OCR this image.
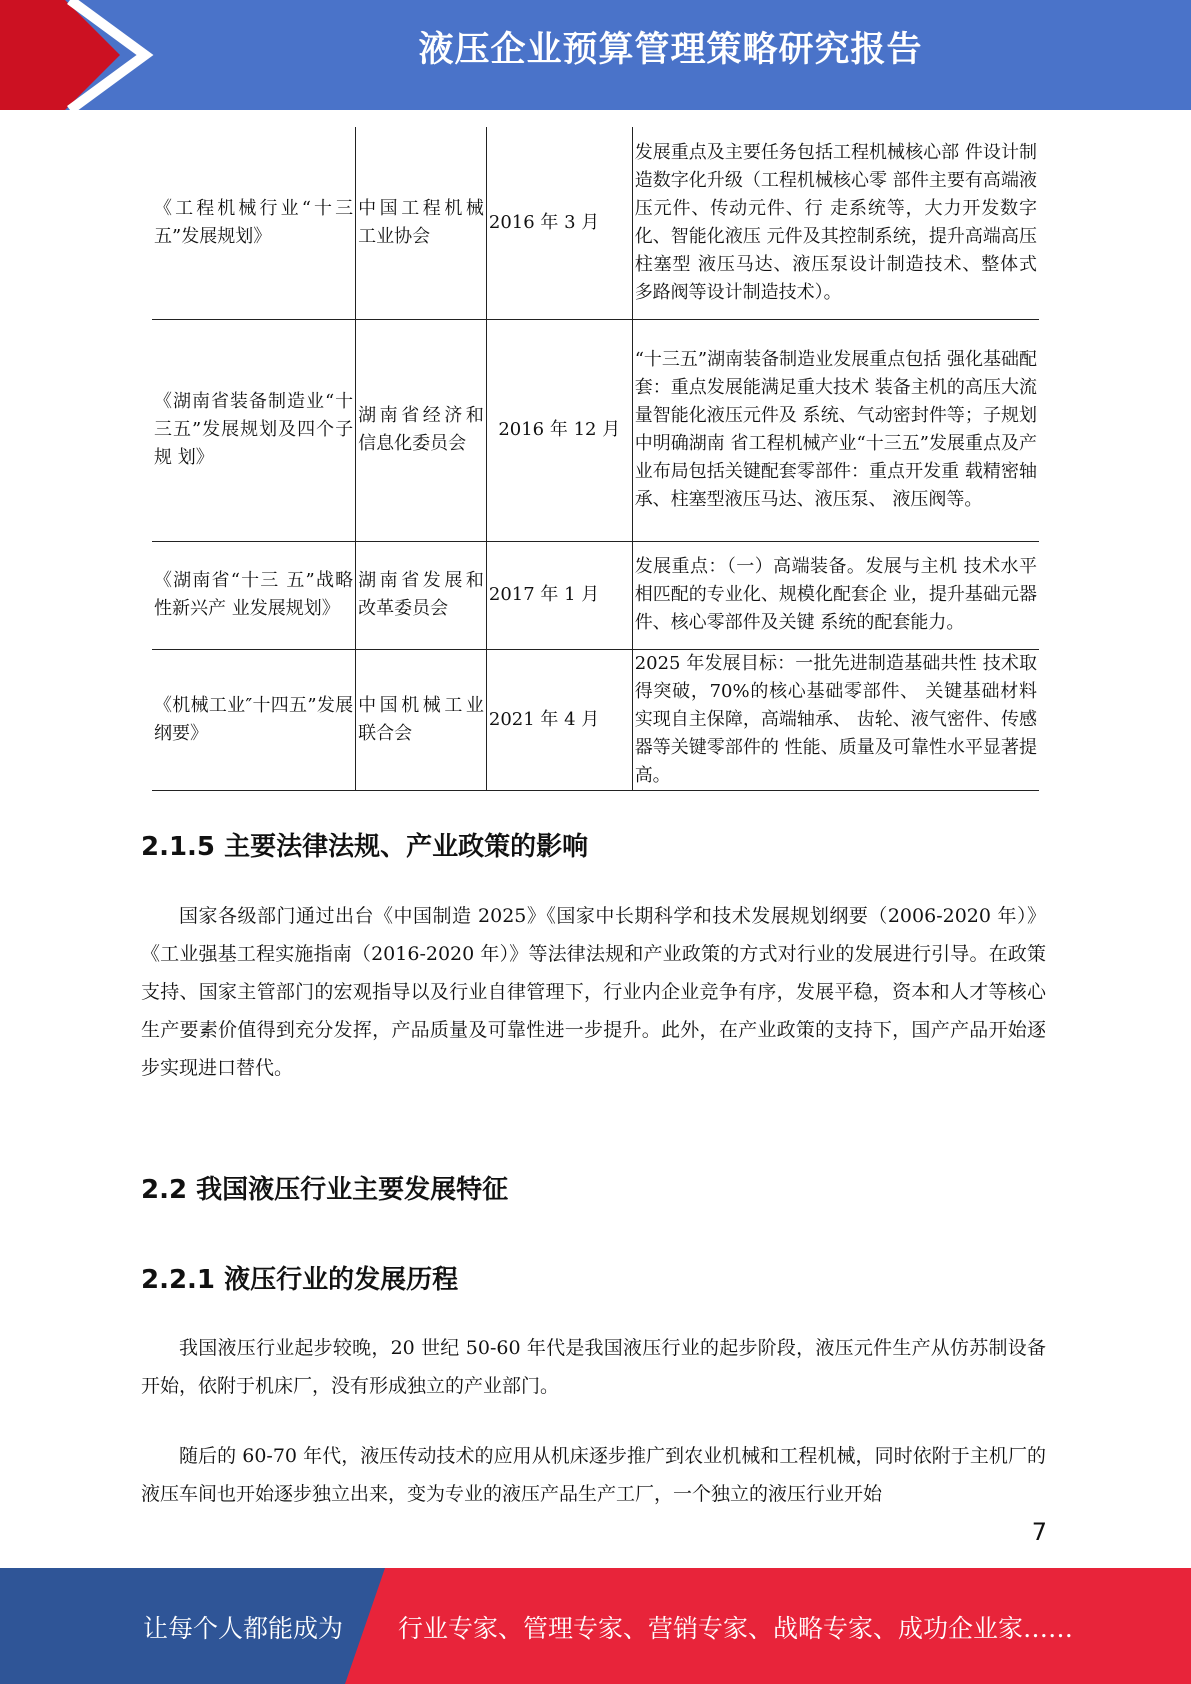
液压企业预算管理策略研究报告
《工程机械行业“十三五”发展规划》	中国工程机械工业协会	2016 年 3 月	发展重点及主要任务包括工程机械核心部 件设计制造数字化升级（工程机械核心零 部件主要有高端液压元件、传动元件、行 走系统等，大力开发数字化、智能化液压 元件及其控制系统，提升高端高压柱塞型 液压马达、液压泵设计制造技术、整体式 多路阀等设计制造技术）。
《湖南省装备制造业“十三五”发展规划及四个子规 划》	湖南省经济和信息化委员会	2016 年 12 月	“十三五”湖南装备制造业发展重点包括 强化基础配套：重点发展能满足重大技术 装备主机的高压大流量智能化液压元件及 系统、气动密封件等；子规划中明确湖南 省工程机械产业“十三五”发展重点及产 业布局包括关键配套零部件：重点开发重 载精密轴承、柱塞型液压马达、液压泵、 液压阀等。
《湖南省“十三 五”战略性新兴产 业发展规划》	湖南省发展和改革委员会	2017 年 1 月	发展重点：（一）高端装备。发展与主机 技术水平相匹配的专业化、规模化配套企 业，提升基础元器件、核心零部件及关键 系统的配套能力。
《机械工业″十四五”发展纲要》	中国机械工业联合会	2021 年 4 月	2025 年发展目标：一批先进制造基础共性 技术取得突破，70%的核心基础零部件、 关键基础材料实现自主保障，高端轴承、 齿轮、液气密件、传感器等关键零部件的 性能、质量及可靠性水平显著提高。
2.1.5 主要法律法规、产业政策的影响
国家各级部门通过出台《中国制造 2025》《国家中长期科学和技术发展规划纲要（2006-2020 年）》《工业强基工程实施指南（2016-2020 年）》等法律法规和产业政策的方式对行业的发展进行引导。在政策支持、国家主管部门的宏观指导以及行业自律管理下，行业内企业竞争有序，发展平稳，资本和人才等核心生产要素价值得到充分发挥，产品质量及可靠性进一步提升。此外，在产业政策的支持下，国产产品开始逐步实现进口替代。
2.2 我国液压行业主要发展特征
2.2.1 液压行业的发展历程
我国液压行业起步较晚，20 世纪 50-60 年代是我国液压行业的起步阶段，液压元件生产从仿苏制设备开始，依附于机床厂，没有形成独立的产业部门。
随后的 60-70 年代，液压传动技术的应用从机床逐步推广到农业机械和工程机械，同时依附于主机厂的液压车间也开始逐步独立出来，变为专业的液压产品生产工厂，一个独立的液压行业开始
7
让每个人都能成为 行业专家、管理专家、营销专家、战略专家、成功企业家……
